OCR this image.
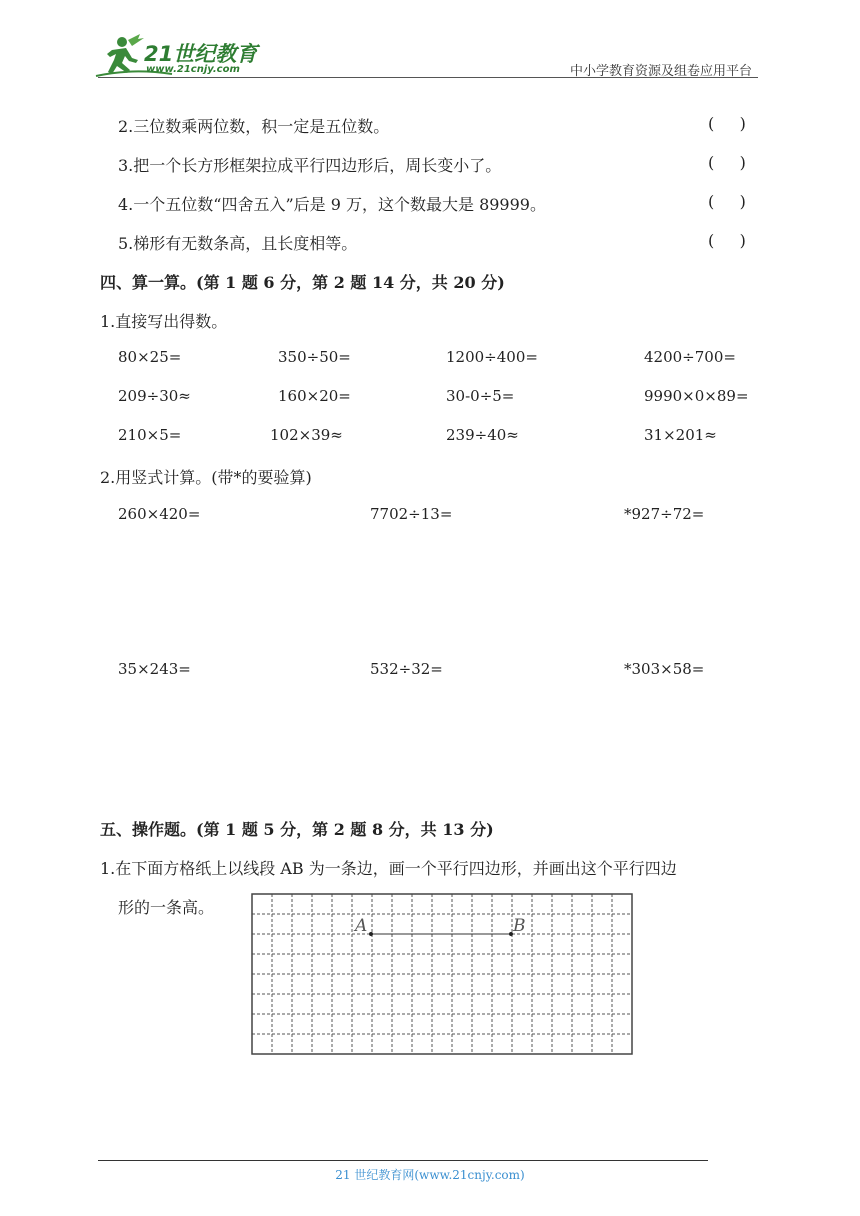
21世纪教育
www.21cnjy.com	中小学教育资源及组卷应用平台
2.三位数乘两位数，积一定是五位数。	(     )
3.把一个长方形框架拉成平行四边形后，周长变小了。	(     )
4.一个五位数“四舍五入”后是 9 万，这个数最大是 89999。	(     )
5.梯形有无数条高，且长度相等。	(     )
四、算一算。(第 1 题 6 分，第 2 题 14 分，共 20 分)
1.直接写出得数。
80×25=	350÷50=	1200÷400=	4200÷700=
209÷30≈	160×20=	30-0÷5=	9990×0×89=
210×5=	102×39≈	239÷40≈	31×201≈
2.用竖式计算。(带*的要验算)
260×420=	7702÷13=	*927÷72=
35×243=	532÷32=	*303×58=
五、操作题。(第 1 题 5 分，第 2 题 8 分，共 13 分)
1.在下面方格纸上以线段 AB 为一条边，画一个平行四边形，并画出这个平行四边
形的一条高。
A	B
21 世纪教育网(www.21cnjy.com)
